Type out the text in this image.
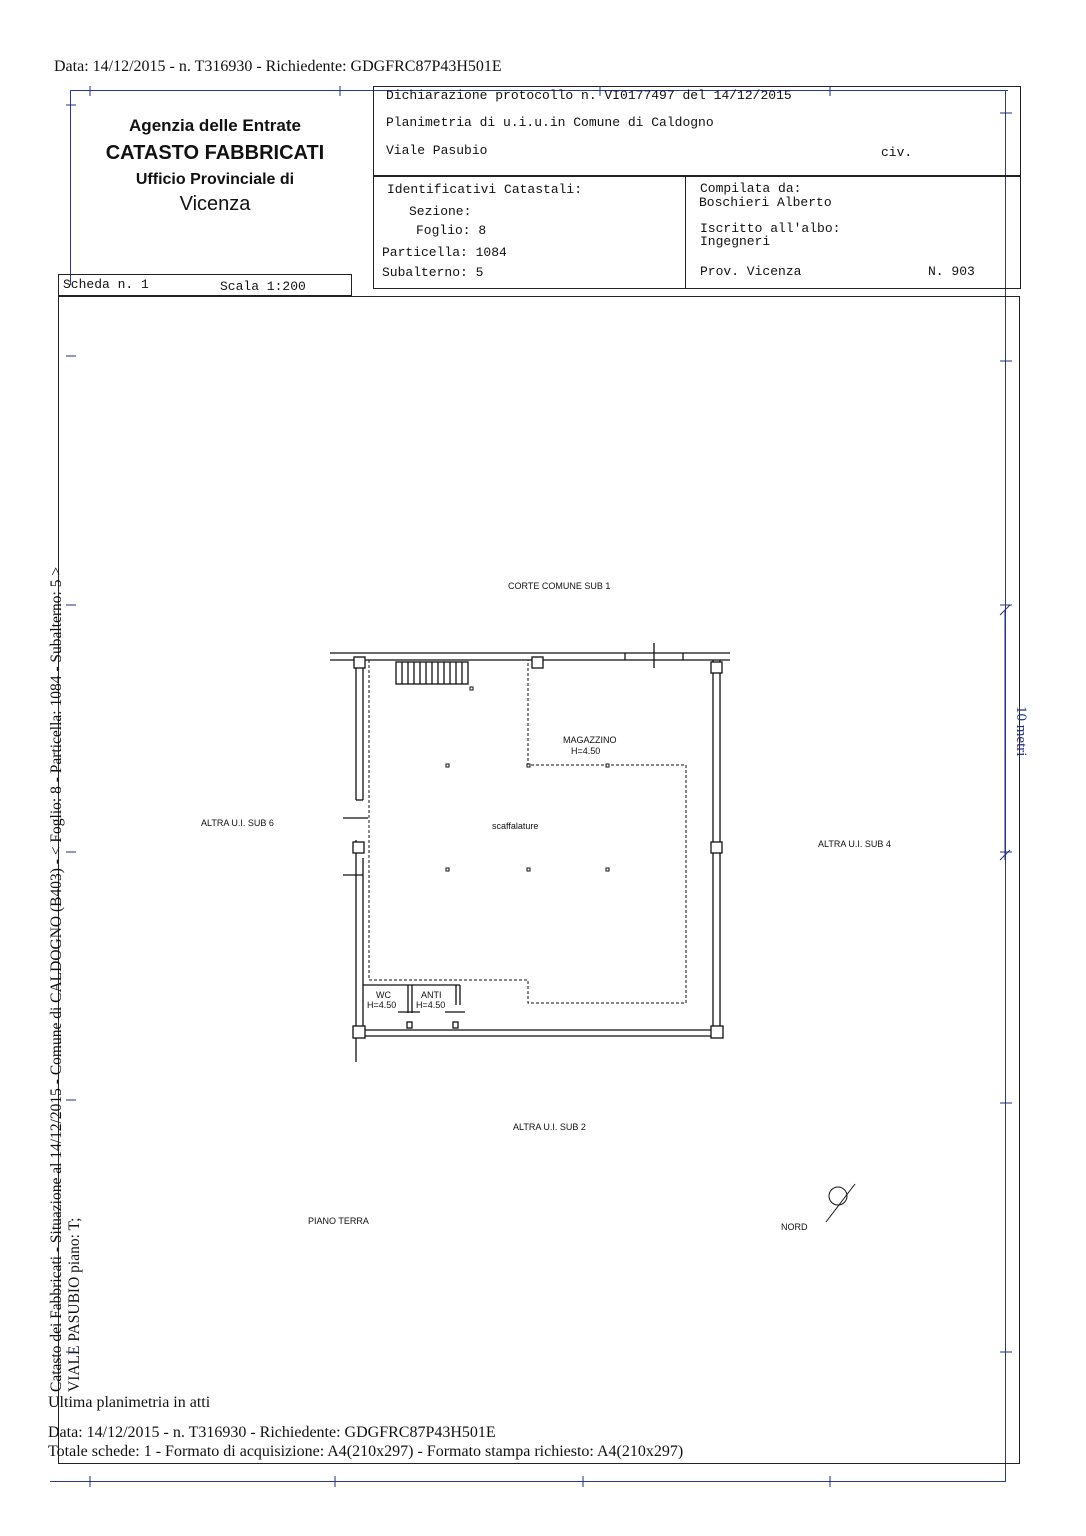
Data: 14/12/2015 - n. T316930 - Richiedente: GDGFRC87P43H501E
Agenzia delle Entrate
CATASTO FABBRICATI
Ufficio Provinciale di
Vicenza
Dichiarazione protocollo n. VI0177497 del 14/12/2015
Planimetria di u.i.u.in Comune di Caldogno
Viale Pasubio	civ.
Identificativi Catastali:
Sezione:
Foglio: 8
Particella: 1084
Subalterno: 5
Compilata da:
Boschieri Alberto
Iscritto all'albo:
Ingegneri
Prov. Vicenza	N. 903
Scheda n. 1	Scala 1:200
Catasto dei Fabbricati - Situazione al 14/12/2015 - Comune di CALDOGNO (B403) - < Foglio: 8 - Particella: 1084 - Subalterno: 5 > VIALE PASUBIO piano: T;
CORTE COMUNE SUB 1
MAGAZZINO
H=4.50
scaffalature
ALTRA U.I. SUB 6
ALTRA U.I. SUB 4
ALTRA U.I. SUB 2
WC
H=4.50
ANTI
H=4.50
PIANO TERRA
NORD
10 metri
Ultima planimetria in atti
Data: 14/12/2015 - n. T316930 - Richiedente: GDGFRC87P43H501E
Totale schede: 1 - Formato di acquisizione: A4(210x297) - Formato stampa richiesto: A4(210x297)
